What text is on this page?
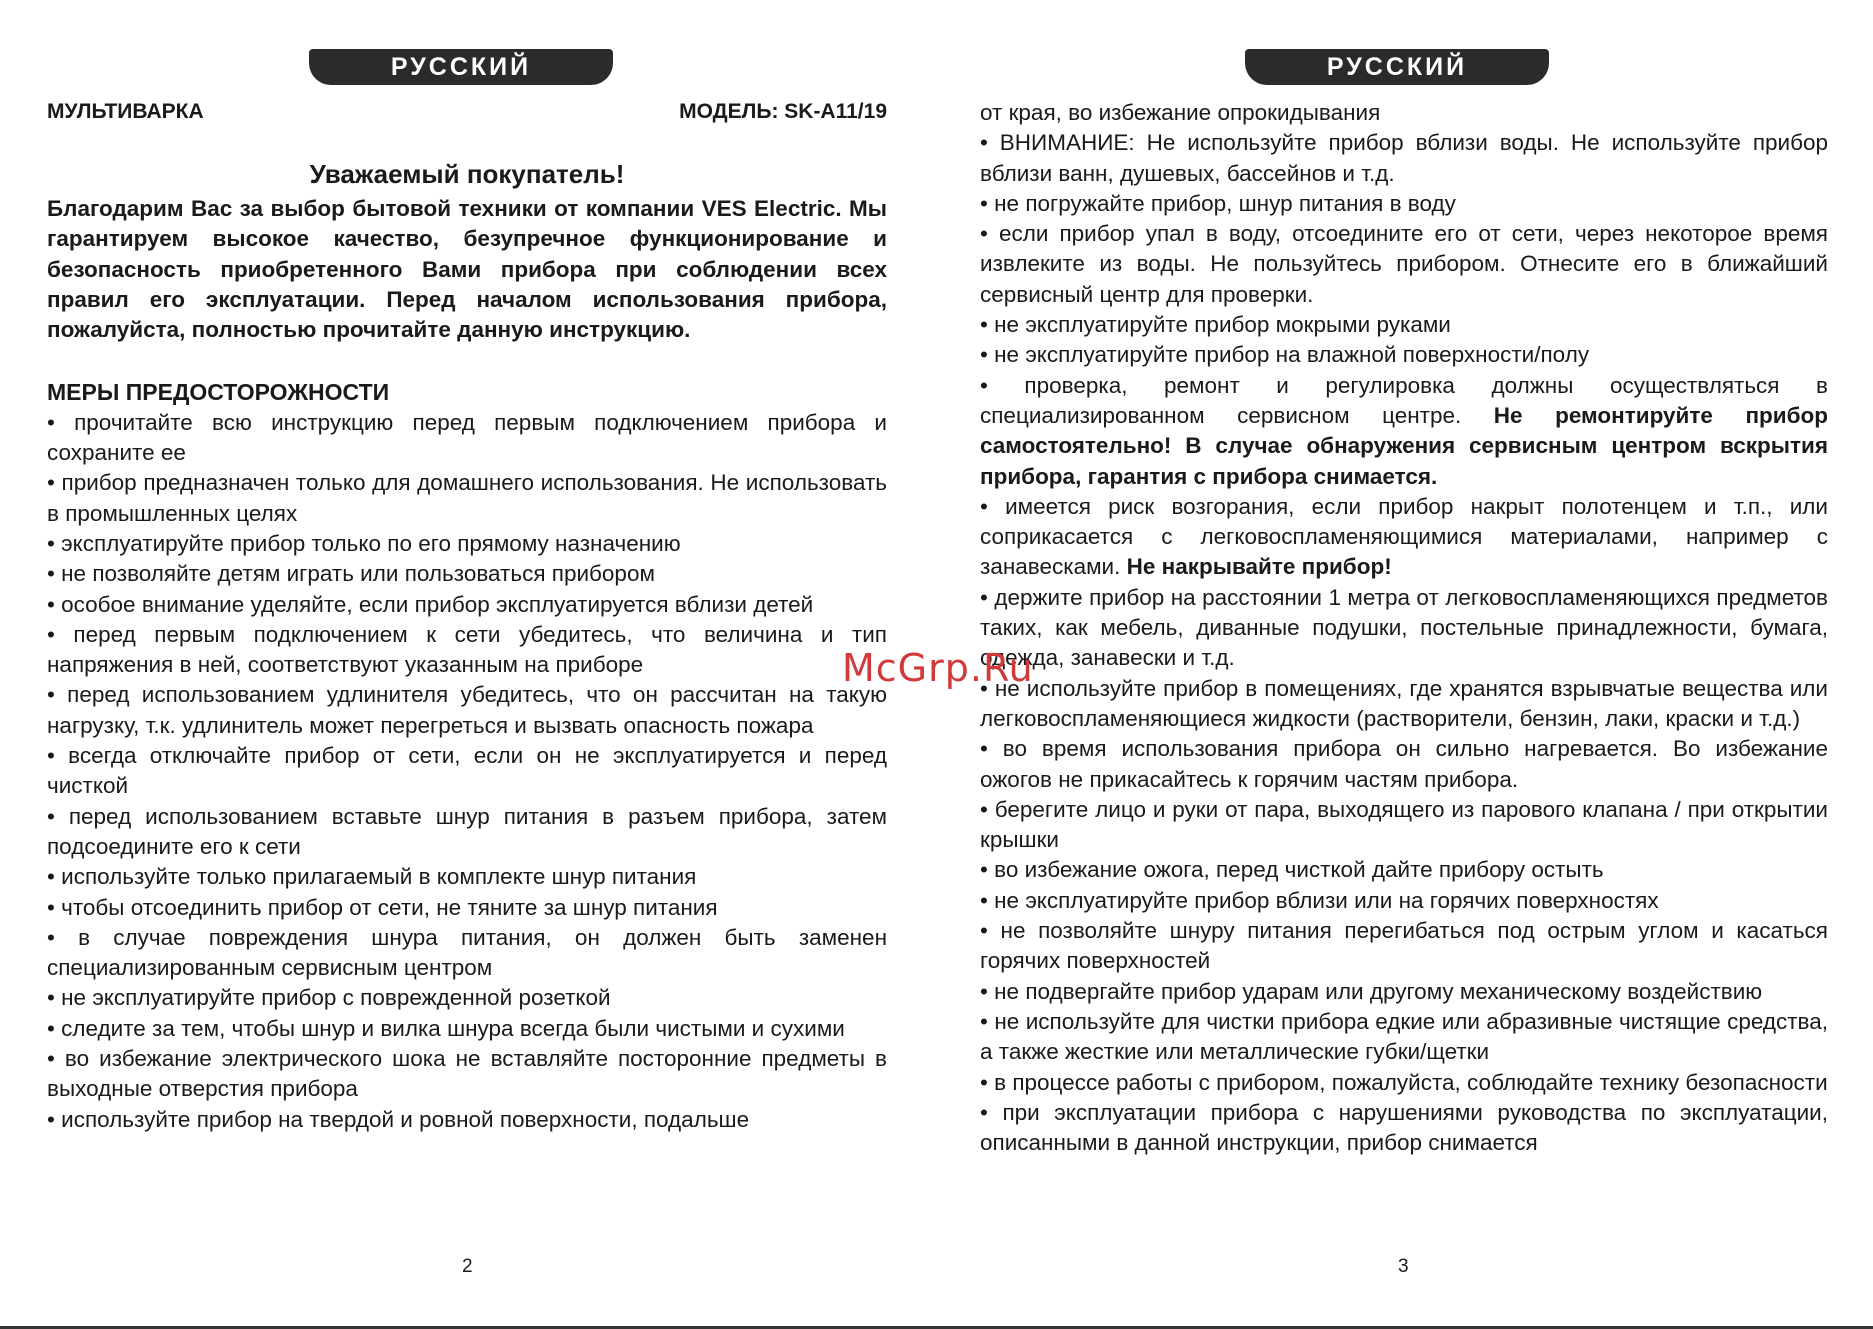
РУССКИЙ
МУЛЬТИВАРКА	МОДЕЛЬ: SK-A11/19
Уважаемый покупатель!

Благодарим Вас за выбор бытовой техники от компании VES Electric. Мы гарантируем высокое качество, безупречное функционирование и безопасность приобретенного Вами прибора при соблюдении всех правил его эксплуатации. Перед началом использования прибора, пожалуйста, полностью прочитайте данную инструкцию.

МЕРЫ ПРЕДОСТОРОЖНОСТИ

• прочитайте всю инструкцию перед первым подключением прибора и сохраните ее

• прибор предназначен только для домашнего использования. Не использовать в промышленных целях

• эксплуатируйте прибор только по его прямому назначению

• не позволяйте детям играть или пользоваться прибором

• особое внимание уделяйте, если прибор эксплуатируется вблизи детей

• перед первым подключением к сети убедитесь, что величина и тип напряжения в ней, соответствуют указанным на приборе

• перед использованием удлинителя убедитесь, что он рассчитан на такую нагрузку, т.к. удлинитель может перегреться и вызвать опасность пожара

• всегда отключайте прибор от сети, если он не эксплуатируется и перед чисткой

• перед использованием вставьте шнур питания в разъем прибора, затем подсоедините его к сети

• используйте только прилагаемый в комплекте шнур питания

• чтобы отсоединить прибор от сети, не тяните за шнур питания

• в случае повреждения шнура питания, он должен быть заменен специализированным сервисным центром

• не эксплуатируйте прибор с поврежденной розеткой

• следите за тем, чтобы шнур и вилка шнура всегда были чистыми и сухими

• во избежание электрического шока не вставляйте посторонние предметы в выходные отверстия прибора

• используйте прибор на твердой и ровной поверхности, подальше

2
РУССКИЙ

от края, во избежание опрокидывания

• ВНИМАНИЕ: Не используйте прибор вблизи воды. Не используйте прибор вблизи ванн, душевых, бассейнов и т.д.

• не погружайте прибор, шнур питания в воду

• если прибор упал в воду, отсоедините его от сети, через некоторое время извлеките из воды. Не пользуйтесь прибором. Отнесите его в ближайший сервисный центр для проверки.

• не эксплуатируйте прибор мокрыми руками

• не эксплуатируйте прибор на влажной поверхности/полу

• проверка, ремонт и регулировка должны осуществляться в специализированном сервисном центре. Не ремонтируйте прибор самостоятельно! В случае обнаружения сервисным центром вскрытия прибора, гарантия с прибора снимается.

• имеется риск возгорания, если прибор накрыт полотенцем и т.п., или соприкасается с легковоспламеняющимися материалами, например с занавесками. Не накрывайте прибор!

• держите прибор на расстоянии 1 метра от легковоспламеняющихся предметов таких, как мебель, диванные подушки, постельные принадлежности, бумага, одежда, занавески и т.д.

• не используйте прибор в помещениях, где хранятся взрывчатые вещества или легковоспламеняющиеся жидкости (растворители, бензин, лаки, краски и т.д.)

• во время использования прибора он сильно нагревается. Во избежание ожогов не прикасайтесь к горячим частям прибора.

• берегите лицо и руки от пара, выходящего из парового клапана / при открытии крышки

• во избежание ожога, перед чисткой дайте прибору остыть

• не эксплуатируйте прибор вблизи или на горячих поверхностях

• не позволяйте шнуру питания перегибаться под острым углом и касаться горячих поверхностей

• не подвергайте прибор ударам или другому механическому воздействию

• не используйте для чистки прибора едкие или абразивные чистящие средства, а также жесткие или металлические губки/щетки

• в процессе работы с прибором, пожалуйста, соблюдайте технику безопасности

• при эксплуатации прибора с нарушениями руководства по эксплуатации, описанными в данной инструкции, прибор снимается

3
McGrp.Ru
